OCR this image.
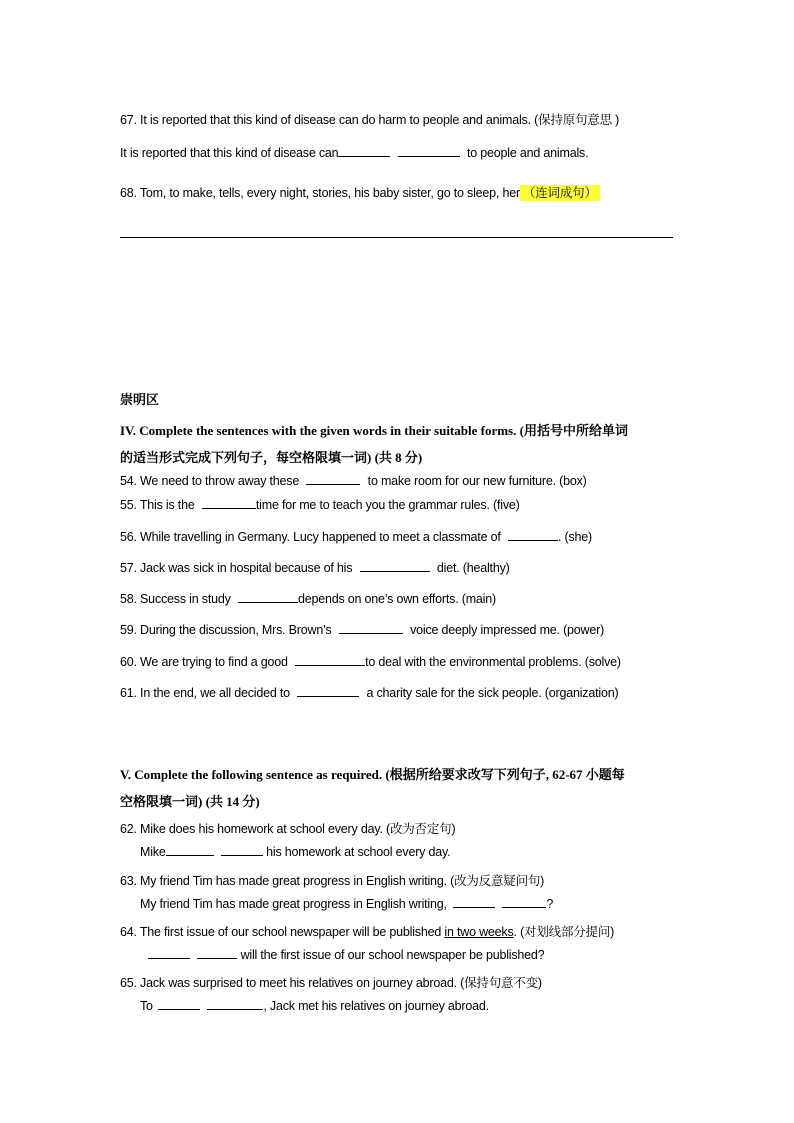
67. It is reported that this kind of disease can do harm to people and animals. (保持原句意思 )
It is reported that this kind of disease can	to people and animals.
68. Tom, to make, tells, every night, stories, his baby sister, go to sleep, her （连词成句）
崇明区
IV. Complete the sentences with the given words in their suitable forms. (用括号中所给单词
的适当形式完成下列句子，每空格限填一词) (共 8 分)
54. We need to throw away these	to make room for our new furniture. (box)
55. This is the	time for me to teach you the grammar rules. (five)
56. While travelling in Germany. Lucy happened to meet a classmate of	. (she)
57. Jack was sick in hospital because of his	diet. (healthy)
58. Success in study	depends on one’s own efforts. (main)
59. During the discussion, Mrs. Brown’s	voice deeply impressed me. (power)
60. We are trying to find a good	to deal with the environmental problems. (solve)
61. In the end, we all decided to	a charity sale for the sick people. (organization)
V. Complete the following sentence as required. (根据所给要求改写下列句子, 62-67 小题每
空格限填一词) (共 14 分)
62. Mike does his homework at school every day. (改为否定句)
Mike	his homework at school every day.
63. My friend Tim has made great progress in English writing. (改为反意疑问句)
My friend Tim has made great progress in English writing,	?
64. The first issue of our school newspaper will be published in two weeks. (对划线部分提问)
will the first issue of our school newspaper be published?
65. Jack was surprised to meet his relatives on journey abroad. (保持句意不变)
To	, Jack met his relatives on journey abroad.
